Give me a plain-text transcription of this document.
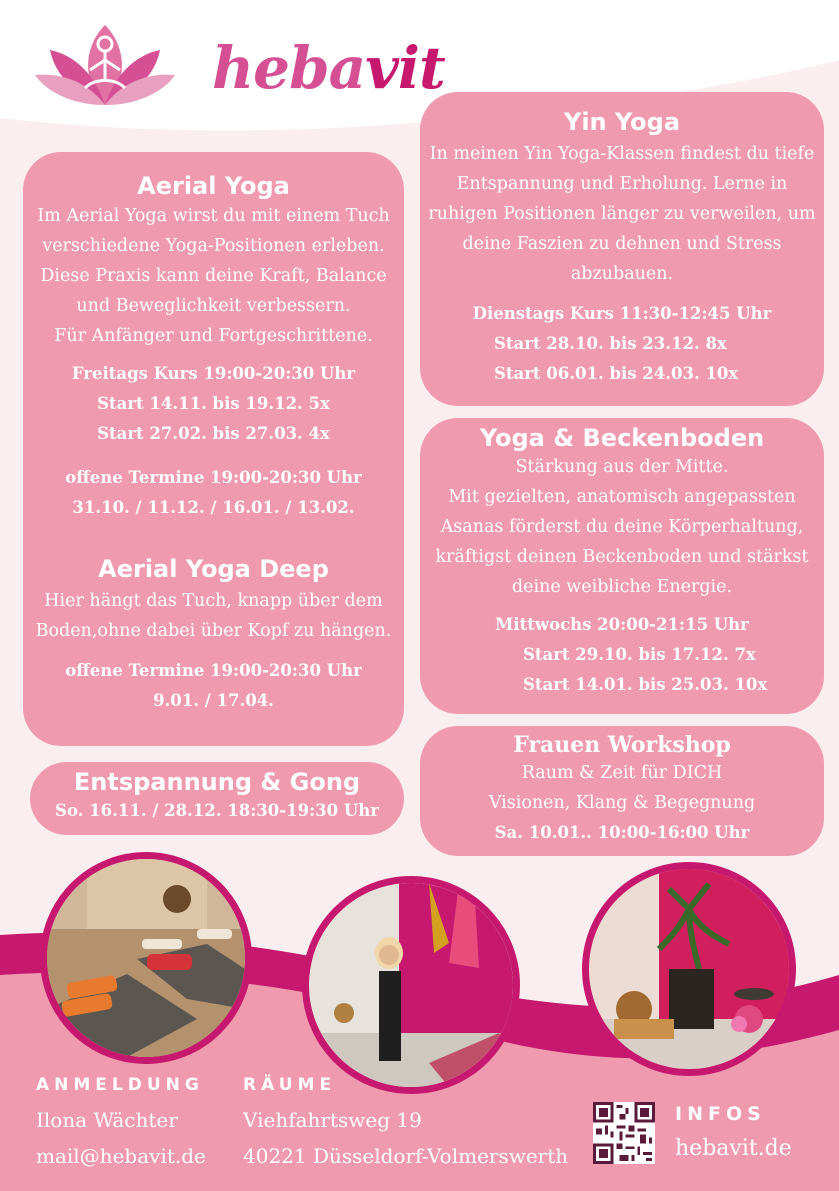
hebavit
Aerial Yoga

Im Aerial Yoga wirst du mit einem Tuch

verschiedene Yoga-Positionen erleben.

Diese Praxis kann deine Kraft, Balance

und Beweglichkeit verbessern.

Für Anfänger und Fortgeschrittene.

Freitags Kurs 19:00-20:30 Uhr

Start 14.11. bis 19.12. 5x

Start 27.02. bis 27.03. 4x

offene Termine 19:00-20:30 Uhr

31.10. / 11.12. / 16.01. / 13.02.

Aerial Yoga Deep

Hier hängt das Tuch, knapp über dem

Boden,ohne dabei über Kopf zu hängen.

offene Termine 19:00-20:30 Uhr

9.01. / 17.04.

Entspannung & Gong

So. 16.11. / 28.12. 18:30-19:30 Uhr

Yin Yoga

In meinen Yin Yoga-Klassen findest du tiefe

Entspannung und Erholung. Lerne in

ruhigen Positionen länger zu verweilen, um

deine Faszien zu dehnen und Stress

abzubauen.

Dienstags Kurs 11:30-12:45 Uhr

Start 28.10. bis 23.12. 8x

Start 06.01. bis 24.03. 10x

Yoga & Beckenboden

Stärkung aus der Mitte.

Mit gezielten, anatomisch angepassten

Asanas förderst du deine Körperhaltung,

kräftigst deinen Beckenboden und stärkst

deine weibliche Energie.

Mittwochs 20:00-21:15 Uhr

Start 29.10. bis 17.12. 7x

Start 14.01. bis 25.03. 10x

Frauen Workshop

Raum & Zeit für DICH

Visionen, Klang & Begegnung

Sa. 10.01.. 10:00-16:00 Uhr

ANMELDUNG
Ilona Wächter
mail@hebavit.de
RÄUME
Viehfahrtsweg 19
40221 Düsseldorf-Volmerswerth
INFOS
hebavit.de
